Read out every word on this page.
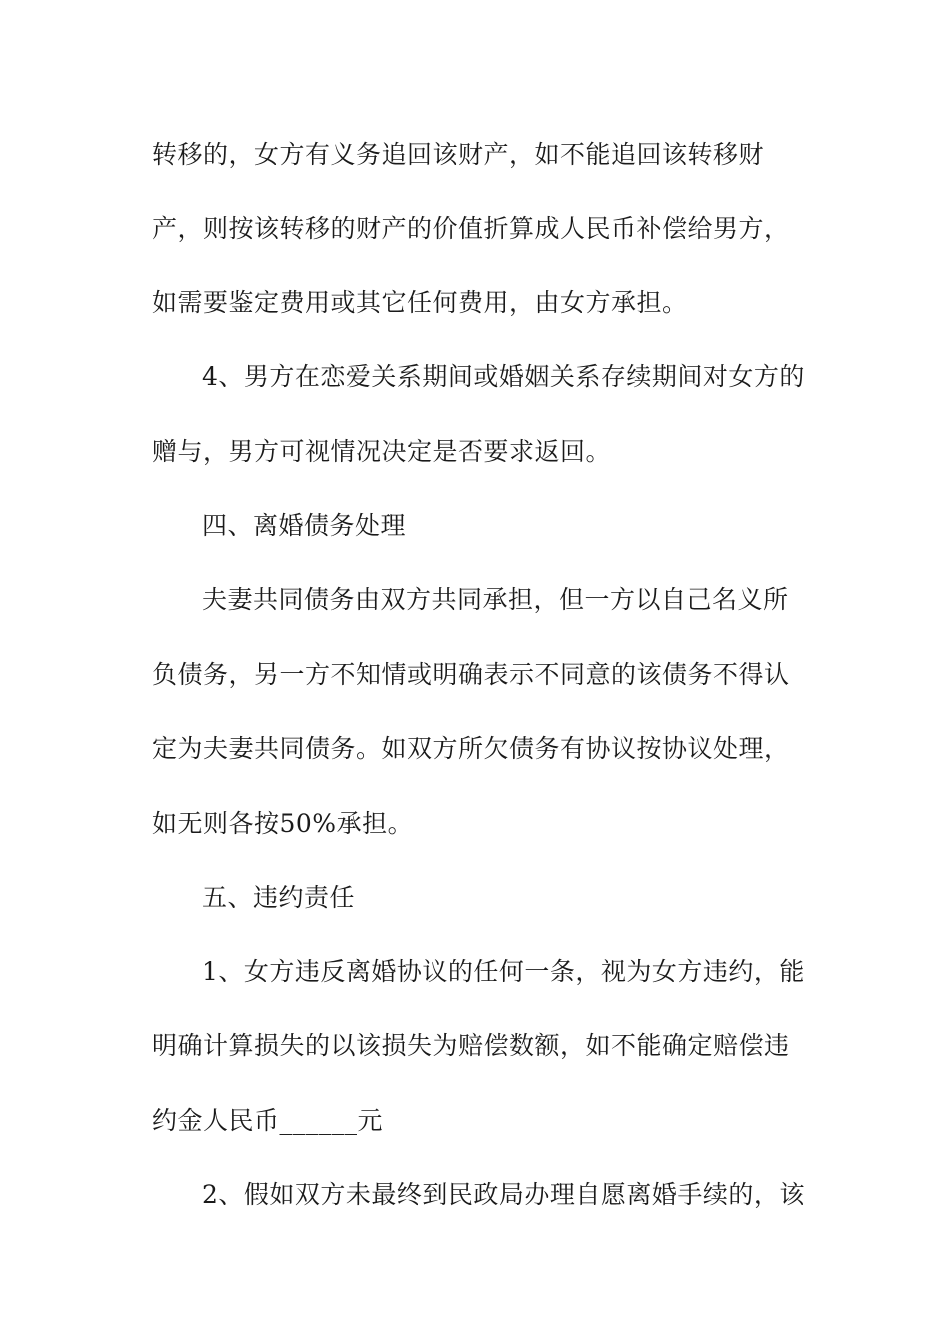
转移的，女方有义务追回该财产，如不能追回该转移财
产，则按该转移的财产的价值折算成人民币补偿给男方，
如需要鉴定费用或其它任何费用，由女方承担。
4、男方在恋爱关系期间或婚姻关系存续期间对女方的
赠与，男方可视情况决定是否要求返回。
四、离婚债务处理
夫妻共同债务由双方共同承担，但一方以自己名义所
负债务，另一方不知情或明确表示不同意的该债务不得认
定为夫妻共同债务。如双方所欠债务有协议按协议处理，
如无则各按50%承担。
五、违约责任
1、女方违反离婚协议的任何一条，视为女方违约，能
明确计算损失的以该损失为赔偿数额，如不能确定赔偿违
约金人民币______元
2、假如双方未最终到民政局办理自愿离婚手续的，该
